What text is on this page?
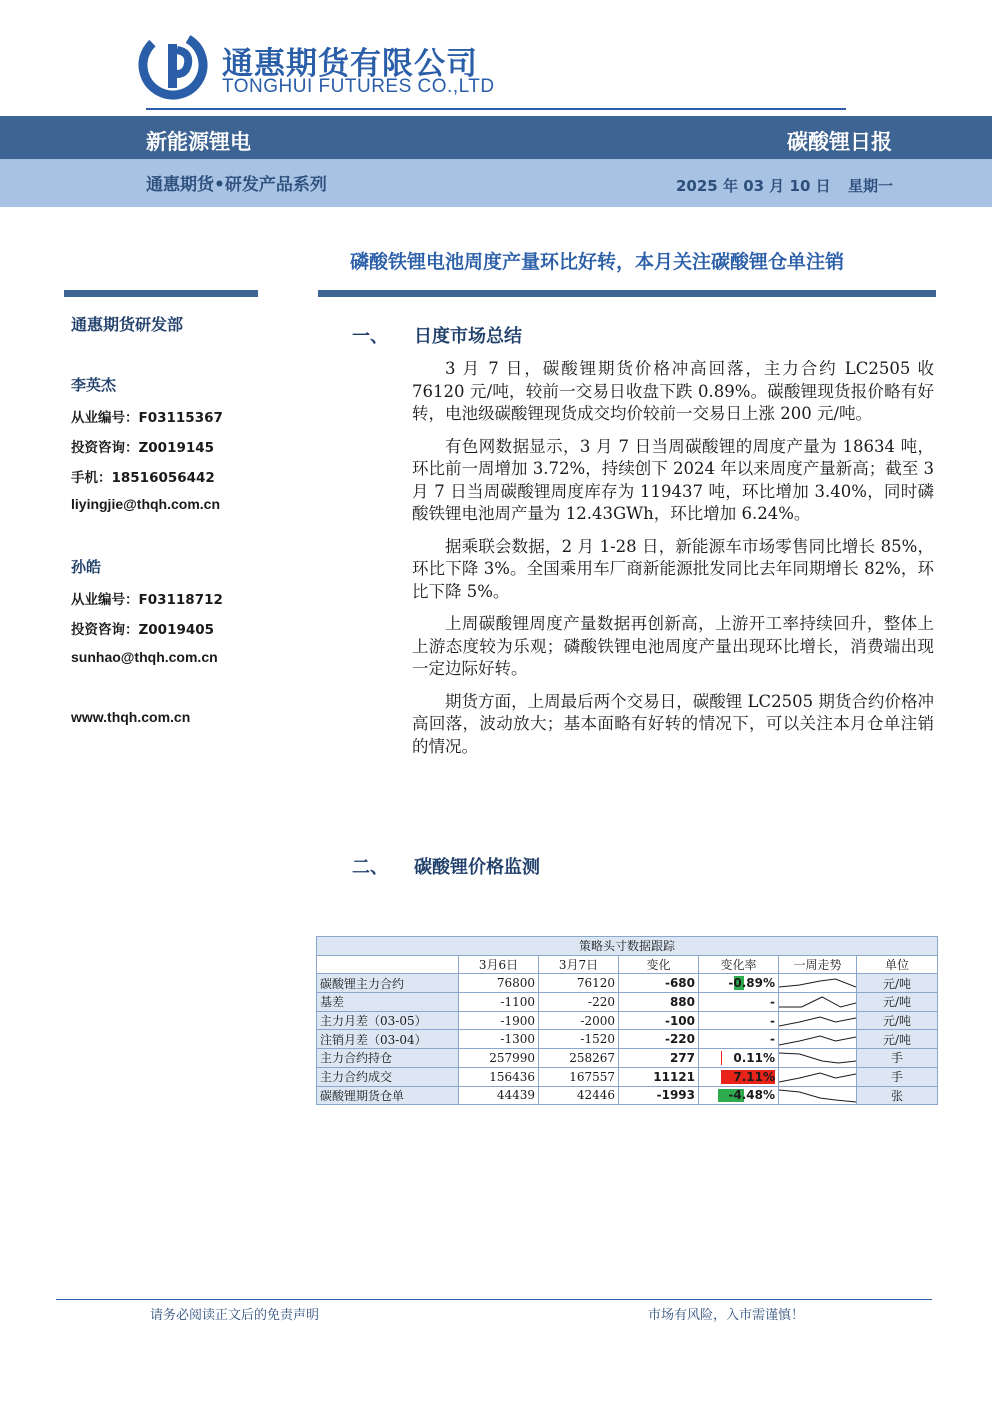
通惠期货有限公司
TONGHUI FUTURES CO.,LTD
新能源锂电	碳酸锂日报
通惠期货•研发产品系列	2025 年 03 月 10 日 星期一
磷酸铁锂电池周度产量环比好转，本月关注碳酸锂仓单注销
通惠期货研发部
李英杰
从业编号：F03115367
投资咨询：Z0019145
手机：18516056442
liyingjie@thqh.com.cn
孙皓
从业编号：F03118712
投资咨询：Z0019405
sunhao@thqh.com.cn
www.thqh.com.cn
一、 日度市场总结

3 月 7 日，碳酸锂期货价格冲高回落，主力合约 LC2505 收 76120 元/吨，较前一交易日收盘下跌 0.89%。碳酸锂现货报价略有好转，电池级碳酸锂现货成交均价较前一交易日上涨 200 元/吨。

有色网数据显示，3 月 7 日当周碳酸锂的周度产量为 18634 吨，环比前一周增加 3.72%，持续创下 2024 年以来周度产量新高；截至 3 月 7 日当周碳酸锂周度库存为 119437 吨，环比增加 3.40%，同时磷酸铁锂电池周产量为 12.43GWh，环比增加 6.24%。

据乘联会数据，2 月 1-28 日，新能源车市场零售同比增长 85%，环比下降 3%。全国乘用车厂商新能源批发同比去年同期增长 82%，环比下降 5%。

上周碳酸锂周度产量数据再创新高，上游开工率持续回升，整体上上游态度较为乐观；磷酸铁锂电池周度产量出现环比增长，消费端出现一定边际好转。

期货方面，上周最后两个交易日，碳酸锂 LC2505 期货合约价格冲高回落，波动放大；基本面略有好转的情况下，可以关注本月仓单注销的情况。

二、 碳酸锂价格监测
策略头寸数据跟踪						
	3月6日	3月7日	变化	变化率	一周走势	单位
碳酸锂主力合约	76800	76120	-680	-0.89%		元/吨
基差	-1100	-220	880	-		元/吨
主力月差（03-05）	-1900	-2000	-100	-		元/吨
注销月差（03-04）	-1300	-1520	-220	-		元/吨
主力合约持仓	257990	258267	277	0.11%		手
主力合约成交	156436	167557	11121	7.11%		手
碳酸锂期货仓单	44439	42446	-1993	-4.48%		张
请务必阅读正文后的免责声明	市场有风险，入市需谨慎！
